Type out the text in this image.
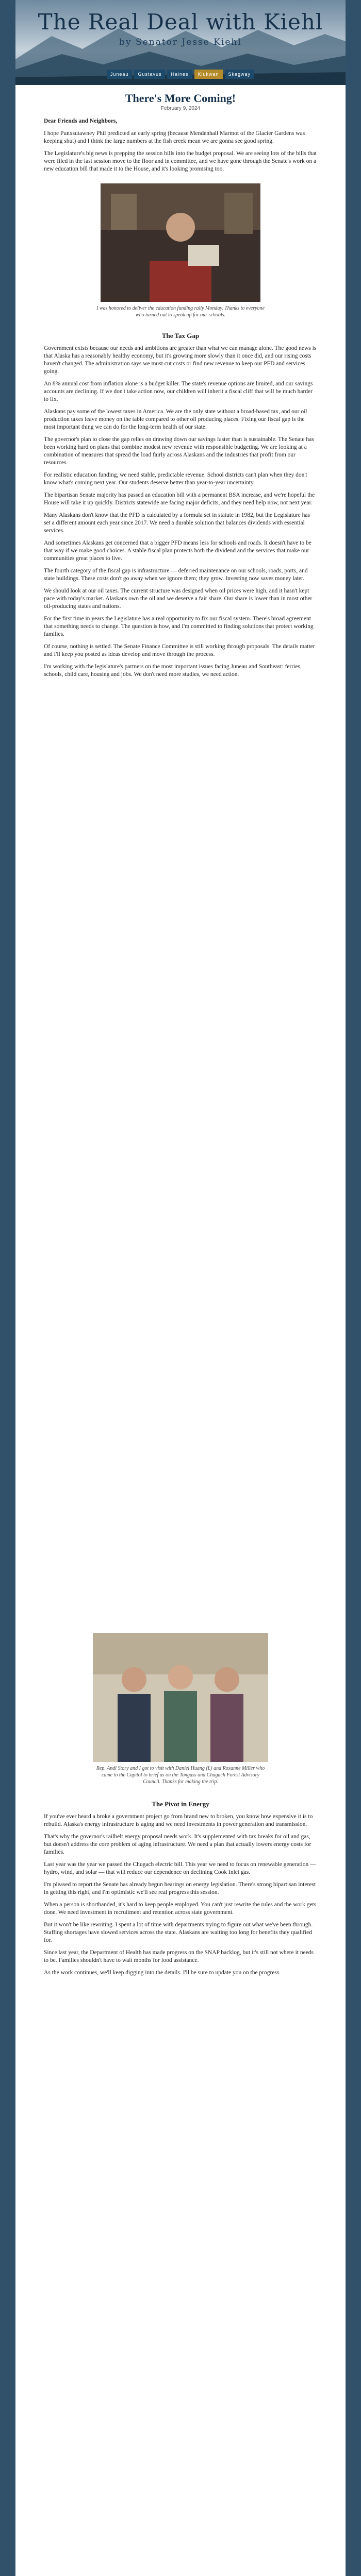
The Real Deal with Kiehl
by Senator Jesse Kiehl
Juneau Gustavus Haines Klukwan Skagway
There's More Coming!
February 9, 2024

Dear Friends and Neighbors,

I hope Punxsutawney Phil predicted an early spring (because Mendenhall Marmot of the Glacier Gardens was keeping shut) and I think the large numbers at the fish creek mean we are gonna see good spring.

The Legislature's big news is prepping the session bills into the budget proposal. We are seeing lots of the bills that were filed in the last session move to the floor and in committee, and we have gone through the Senate's work on a new education bill that made it to the House, and it's looking promising too.

I was honored to deliver the education funding rally Monday. Thanks to everyone who turned out to speak up for our schools.
The Tax Gap

Government exists because our needs and ambitions are greater than what we can manage alone. The good news is that Alaska has a reasonably healthy economy, but it's growing more slowly than it once did, and our rising costs haven't changed. The administration says we must cut costs or find new revenue to keep our PFD and services going.

An 8% annual cost from inflation alone is a budget killer. The state's revenue options are limited, and our savings accounts are declining. If we don't take action now, our children will inherit a fiscal cliff that will be much harder to fix.

Alaskans pay some of the lowest taxes in America. We are the only state without a broad-based tax, and our oil production taxes leave money on the table compared to other oil producing places. Fixing our fiscal gap is the most important thing we can do for the long-term health of our state.

The governor's plan to close the gap relies on drawing down our savings faster than is sustainable. The Senate has been working hard on plans that combine modest new revenue with responsible budgeting. We are looking at a combination of measures that spread the load fairly across Alaskans and the industries that profit from our resources.

For realistic education funding, we need stable, predictable revenue. School districts can't plan when they don't know what's coming next year. Our students deserve better than year-to-year uncertainty.

The bipartisan Senate majority has passed an education bill with a permanent BSA increase, and we're hopeful the House will take it up quickly. Districts statewide are facing major deficits, and they need help now, not next year.

Many Alaskans don't know that the PFD is calculated by a formula set in statute in 1982, but the Legislature has set a different amount each year since 2017. We need a durable solution that balances dividends with essential services.

And sometimes Alaskans get concerned that a bigger PFD means less for schools and roads. It doesn't have to be that way if we make good choices. A stable fiscal plan protects both the dividend and the services that make our communities great places to live.

The fourth category of the fiscal gap is infrastructure — deferred maintenance on our schools, roads, ports, and state buildings. These costs don't go away when we ignore them; they grow. Investing now saves money later.

We should look at our oil taxes. The current structure was designed when oil prices were high, and it hasn't kept pace with today's market. Alaskans own the oil and we deserve a fair share. Our share is lower than in most other oil-producing states and nations.

For the first time in years the Legislature has a real opportunity to fix our fiscal system. There's broad agreement that something needs to change. The question is how, and I'm committed to finding solutions that protect working families.

Of course, nothing is settled. The Senate Finance Committee is still working through proposals. The details matter and I'll keep you posted as ideas develop and move through the process.

I'm working with the legislature's partners on the most important issues facing Juneau and Southeast: ferries, schools, child care, housing and jobs. We don't need more studies, we need action.

Rep. Andi Story and I got to visit with Daniel Huang (L) and Roxanne Miller who came to the Capitol to brief us on the Tongass and Chugach Forest Advisory Council. Thanks for making the trip.
The Pivot in Energy

If you've ever heard a broke a government project go from brand new to broken, you know how expensive it is to rebuild. Alaska's energy infrastructure is aging and we need investments in power generation and transmission.

That's why the governor's railbelt energy proposal needs work. It's supplemented with tax breaks for oil and gas, but doesn't address the core problem of aging infrastructure. We need a plan that actually lowers energy costs for families.

Last year was the year we passed the Chugach electric bill. This year we need to focus on renewable generation — hydro, wind, and solar — that will reduce our dependence on declining Cook Inlet gas.

I'm pleased to report the Senate has already begun hearings on energy legislation. There's strong bipartisan interest in getting this right, and I'm optimistic we'll see real progress this session.

When a person is shorthanded, it's hard to keep people employed. You can't just rewrite the rules and the work gets done. We need investment in recruitment and retention across state government.

But it won't be like rewriting. I spent a lot of time with departments trying to figure out what we've been through. Staffing shortages have slowed services across the state. Alaskans are waiting too long for benefits they qualified for.

Since last year, the Department of Health has made progress on the SNAP backlog, but it's still not where it needs to be. Families shouldn't have to wait months for food assistance.

As the work continues, we'll keep digging into the details. I'll be sure to update you on the progress.
